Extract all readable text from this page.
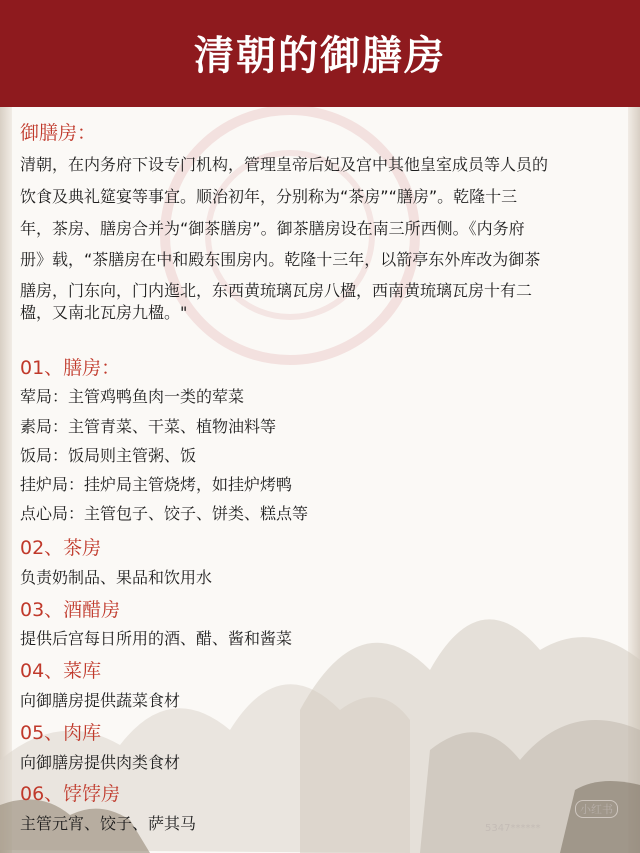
清朝的御膳房
御膳房：
清朝，在内务府下设专门机构，管理皇帝后妃及宫中其他皇室成员等人员的
饮食及典礼筵宴等事宜。顺治初年，分别称为“茶房”“膳房”。乾隆十三
年，茶房、膳房合并为“御茶膳房”。御茶膳房设在南三所西侧。《内务府
册》载，“茶膳房在中和殿东围房内。乾隆十三年，以箭亭东外库改为御茶
膳房，门东向，门内迤北，东西黄琉璃瓦房八楹，西南黄琉璃瓦房十有二
楹，又南北瓦房九楹。"
01、膳房：
荤局：主管鸡鸭鱼肉一类的荤菜
素局：主管青菜、干菜、植物油料等
饭局：饭局则主管粥、饭
挂炉局：挂炉局主管烧烤，如挂炉烤鸭
点心局：主管包子、饺子、饼类、糕点等
02、茶房
负责奶制品、果品和饮用水
03、酒醋房
提供后宫每日所用的酒、醋、酱和酱菜
04、菜库
向御膳房提供蔬菜食材
05、肉库
向御膳房提供肉类食材
06、饽饽房
主管元宵、饺子、萨其马
小红书
5347******
